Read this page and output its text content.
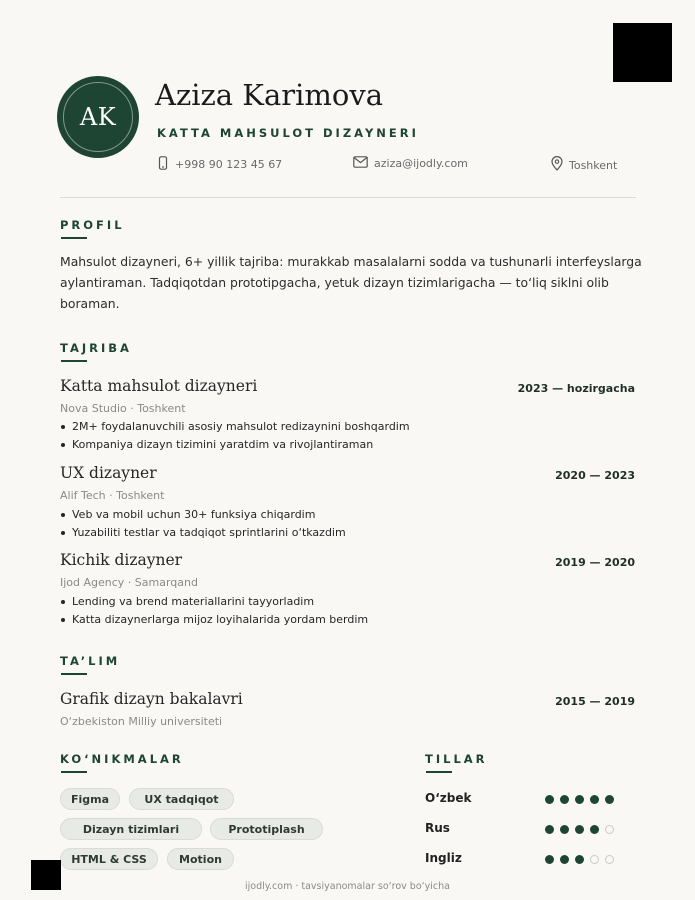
AK
Aziza Karimova
KATTA MAHSULOT DIZAYNERI
+998 90 123 45 67	aziza@ijodly.com	Toshkent
PROFIL
Mahsulot dizayneri, 6+ yillik tajriba: murakkab masalalarni sodda va tushunarli interfeyslarga aylantiraman. Tadqiqotdan prototipgacha, yetuk dizayn tizimlarigacha — to‘liq siklni olib boraman.
TAJRIBA
Katta mahsulot dizayneri	2023 — hozirgacha
Nova Studio · Toshkent
2M+ foydalanuvchili asosiy mahsulot redizaynini boshqardim
Kompaniya dizayn tizimini yaratdim va rivojlantiraman
UX dizayner	2020 — 2023
Alif Tech · Toshkent
Veb va mobil uchun 30+ funksiya chiqardim
Yuzabiliti testlar va tadqiqot sprintlarini o‘tkazdim
Kichik dizayner	2019 — 2020
Ijod Agency · Samarqand
Lending va brend materiallarini tayyorladim
Katta dizaynerlarga mijoz loyihalarida yordam berdim
TA’LIM
Grafik dizayn bakalavri	2015 — 2019
O‘zbekiston Milliy universiteti
KO‘NIKMALAR
Figma	UX tadqiqot
Dizayn tizimlari	Prototiplash
HTML & CSS	Motion
TILLAR
O‘zbek
Rus
Ingliz
ijodly.com · tavsiyanomalar so‘rov bo‘yicha
